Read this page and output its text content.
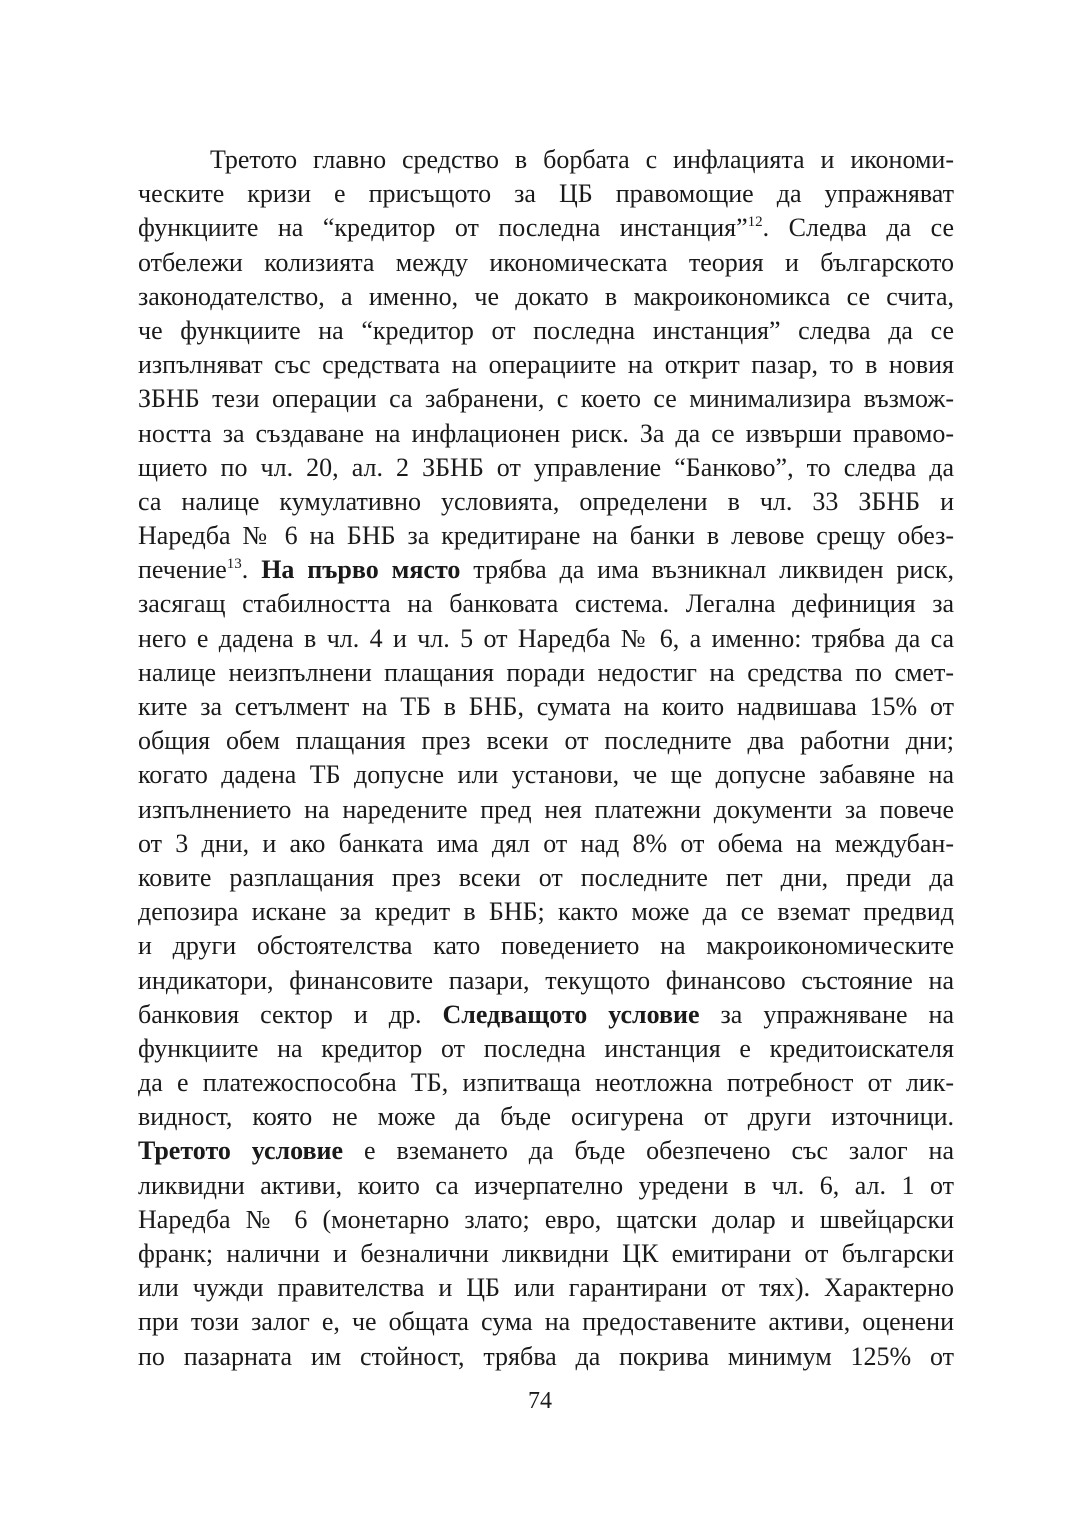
Третото главно средство в борбата с инфлацията и икономи-
ческите кризи е присъщото за ЦБ правомощие да упражняват
функциите на “кредитор от последна инстанция”$^{12}$. Следва да се
отбележи колизията между икономическата теория и българското
законодателство, а именно, че докато в макроикономикса се счита,
че функциите на “кредитор от последна инстанция” следва да се
изпълняват със средствата на операциите на открит пазар, то в новия
ЗБНБ тези операции са забранени, с което се минимализира възмож-
ността за създаване на инфлационен риск. За да се извърши правомо-
щието по чл. 20, ал. 2 ЗБНБ от управление “Банково”, то следва да
са налице кумулативно условията, определени в чл. 33 ЗБНБ и
Наредба № 6 на БНБ за кредитиране на банки в левове срещу обез-
печение$^{13}$. На първо място трябва да има възникнал ликвиден риск,
засягащ стабилността на банковата система. Легална дефиниция за
него е дадена в чл. 4 и чл. 5 от Наредба № 6, а именно: трябва да са
налице неизпълнени плащания поради недостиг на средства по смет-
ките за сетълмент на ТБ в БНБ, сумата на които надвишава 15% от
общия обем плащания през всеки от последните два работни дни;
когато дадена ТБ допусне или установи, че ще допусне забавяне на
изпълнението на наредените пред нея платежни документи за повече
от 3 дни, и ако банката има дял от над 8% от обема на междубан-
ковите разплащания през всеки от последните пет дни, преди да
депозира искане за кредит в БНБ; както може да се вземат предвид
и други обстоятелства като поведението на макроикономическите
индикатори, финансовите пазари, текущото финансово състояние на
банковия сектор и др. Следващото условие за упражняване на
функциите на кредитор от последна инстанция е кредитоискателя
да е платежоспособна ТБ, изпитваща неотложна потребност от лик-
видност, която не може да бъде осигурена от други източници.
Третото условие е вземането да бъде обезпечено със залог на
ликвидни активи, които са изчерпателно уредени в чл. 6, ал. 1 от
Наредба № 6 (монетарно злато; евро, щатски долар и швейцарски
франк; налични и безналични ликвидни ЦК емитирани от български
или чужди правителства и ЦБ или гарантирани от тях). Характерно
при този залог е, че общата сума на предоставените активи, оценени
по пазарната им стойност, трябва да покрива минимум 125% от
74
